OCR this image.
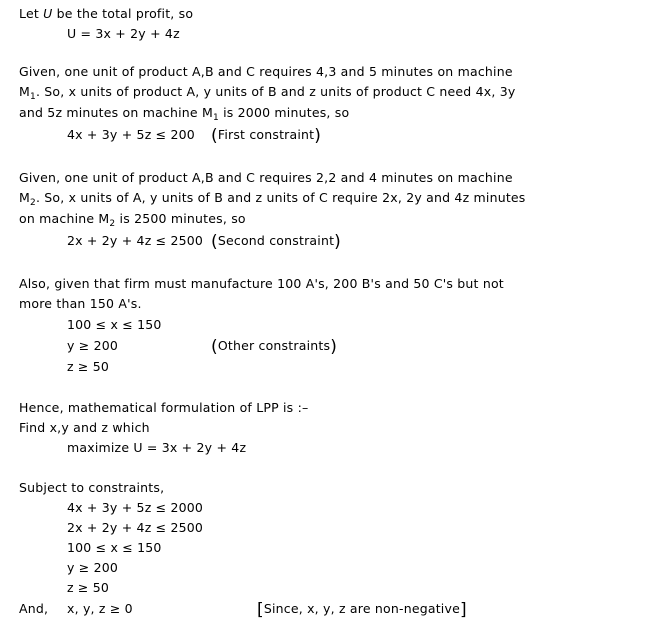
Let U be the total profit, so
U = 3x + 2y + 4z
Given, one unit of product A,B and C requires 4,3 and 5 minutes on machine
$M_1$. So, x units of product A, y units of B and z units of product C need 4x, 3y
and 5z minutes on machine $M_1$ is 2000 minutes, so
4x + 3y + 5z ≤ 200 (First constraint)
Given, one unit of product A,B and C requires 2,2 and 4 minutes on machine
$M_2$. So, x units of A, y units of B and z units of C require 2x, 2y and 4z minutes
on machine $M_2$ is 2500 minutes, so
2x + 2y + 4z ≤ 2500 (Second constraint)
Also, given that firm must manufacture 100 A's, 200 B's and 50 C's but not
more than 150 A's.
100 ≤ x ≤ 150
y ≥ 200	(Other constraints)
z ≥ 50
Hence, mathematical formulation of LPP is :–
Find x,y and z which
maximize U = 3x + 2y + 4z
Subject to constraints,
4x + 3y + 5z ≤ 2000
2x + 2y + 4z ≤ 2500
100 ≤ x ≤ 150
y ≥ 200
z ≥ 50
And, x, y, z ≥ 0	[Since, x, y, z are non-negative]
